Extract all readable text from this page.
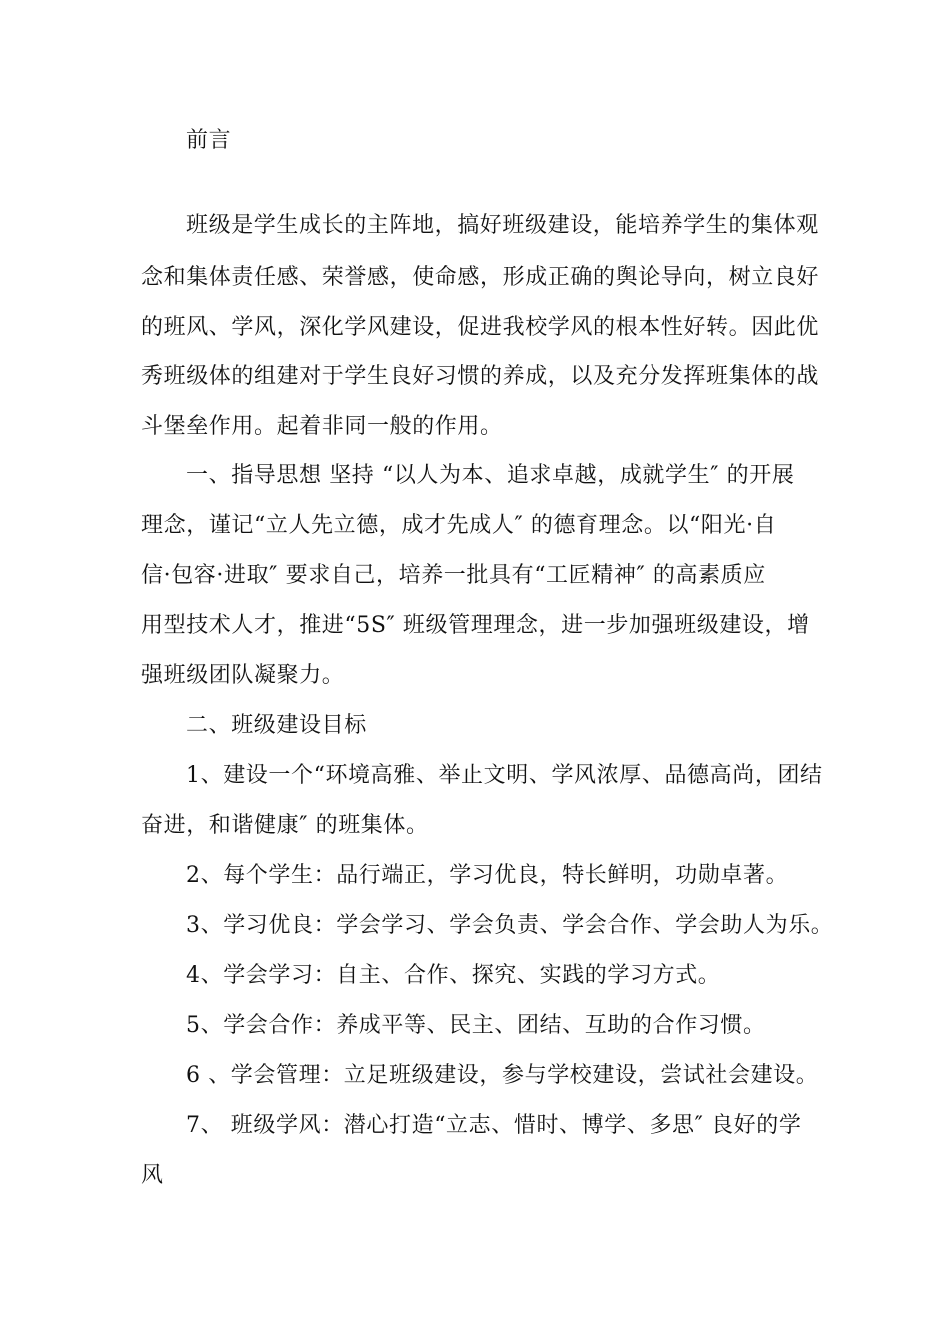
前言
班级是学生成长的主阵地，搞好班级建设，能培养学生的集体观
念和集体责任感、荣誉感，使命感，形成正确的舆论导向，树立良好
的班风、学风，深化学风建设，促进我校学风的根本性好转。因此优
秀班级体的组建对于学生良好习惯的养成，以及充分发挥班集体的战
斗堡垒作用。起着非同一般的作用。
一、指导思想 坚持 “以人为本、追求卓越，成就学生″ 的开展
理念，谨记“立人先立德，成才先成人″ 的德育理念。以“阳光·自
信·包容·进取″ 要求自己，培养一批具有“工匠精神″ 的高素质应
用型技术人才，推进“5S″ 班级管理理念，进一步加强班级建设，增
强班级团队凝聚力。
二、班级建设目标
1、建设一个“环境高雅、举止文明、学风浓厚、品德高尚，团结
奋进，和谐健康″ 的班集体。
2、每个学生：品行端正，学习优良，特长鲜明，功勋卓著。
3、学习优良：学会学习、学会负责、学会合作、学会助人为乐。
4、学会学习：自主、合作、探究、实践的学习方式。
5、学会合作：养成平等、民主、团结、互助的合作习惯。
6 、学会管理：立足班级建设，参与学校建设，尝试社会建设。
7、 班级学风：潜心打造“立志、惜时、博学、多思″ 良好的学
风
